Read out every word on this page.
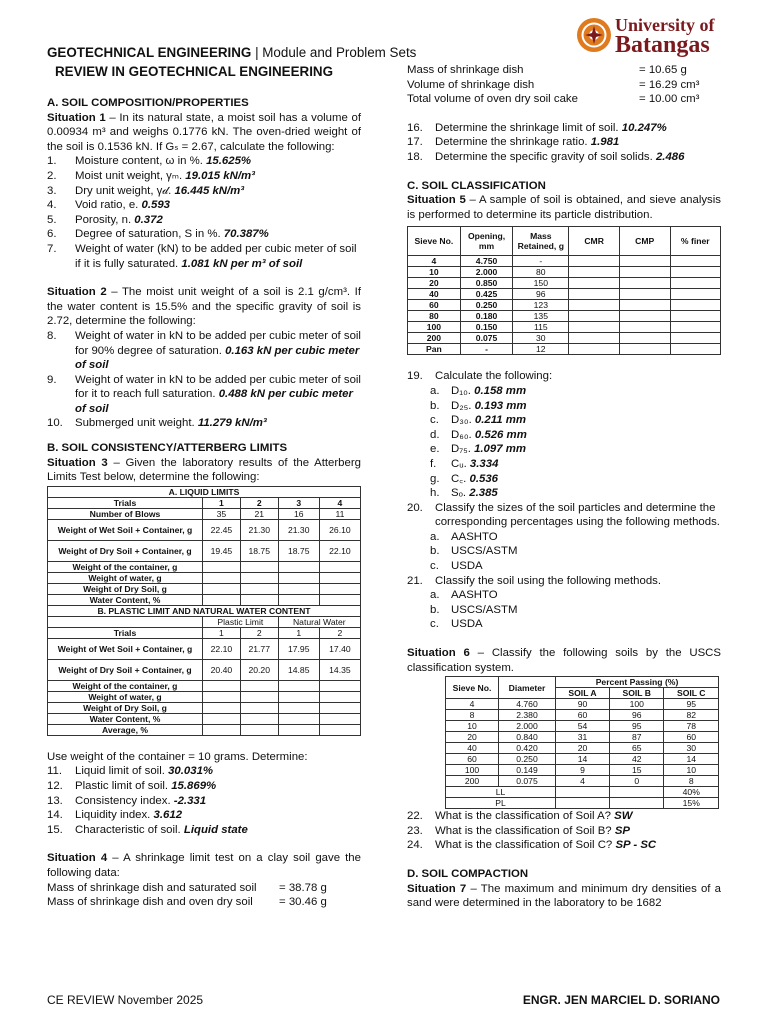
GEOTECHNICAL ENGINEERING | Module and Problem Sets
REVIEW IN GEOTECHNICAL ENGINEERING
University of
Batangas

A. SOIL COMPOSITION/PROPERTIES

Situation 1 – In its natural state, a moist soil has a volume of 0.00934 m³ and weighs 0.1776 kN. The oven-dried weight of the soil is 0.1536 kN. If Gₛ = 2.67, calculate the following:

1.	Moisture content, ω in %. 15.625%
2.	Moist unit weight, γₘ. 19.015 kN/m³
3.	Dry unit weight, γ𝒹. 16.445 kN/m³
4.	Void ratio, e. 0.593
5.	Porosity, n. 0.372
6.	Degree of saturation, S in %. 70.387%
7.	Weight of water (kN) to be added per cubic meter of soil if it is fully saturated. 1.081 kN per m³ of soil

Situation 2 – The moist unit weight of a soil is 2.1 g/cm³. If the water content is 15.5% and the specific gravity of soil is 2.72, determine the following:

8.	Weight of water in kN to be added per cubic meter of soil for 90% degree of saturation. 0.163 kN per cubic meter of soil
9.	Weight of water in kN to be added per cubic meter of soil for it to reach full saturation. 0.488 kN per cubic meter of soil
10.	Submerged unit weight. 11.279 kN/m³

B. SOIL CONSISTENCY/ATTERBERG LIMITS

Situation 3 – Given the laboratory results of the Atterberg Limits Test below, determine the following:

A. LIQUID LIMITS				
Trials	1	2	3	4
Number of Blows	35	21	16	11
Weight of Wet Soil + Container, g	22.45	21.30	21.30	26.10
Weight of Dry Soil + Container, g	19.45	18.75	18.75	22.10
Weight of the container, g				
Weight of water, g				
Weight of Dry Soil, g				
Water Content, %				
B. PLASTIC LIMIT AND NATURAL WATER CONTENT				
	Plastic Limit		Natural Water	
Trials	1	2	1	2
Weight of Wet Soil + Container, g	22.10	21.77	17.95	17.40
Weight of Dry Soil + Container, g	20.40	20.20	14.85	14.35
Weight of the container, g				
Weight of water, g				
Weight of Dry Soil, g				
Water Content, %				
Average, %				

Use weight of the container = 10 grams. Determine:

11.	Liquid limit of soil. 30.031%
12.	Plastic limit of soil. 15.869%
13.	Consistency index. -2.331
14.	Liquidity index. 3.612
15.	Characteristic of soil. Liquid state

Situation 4 – A shrinkage limit test on a clay soil gave the following data:

Mass of shrinkage dish and saturated soil	= 38.78 g
Mass of shrinkage dish and oven dry soil	= 30.46 g
Mass of shrinkage dish	= 10.65 g
Volume of shrinkage dish	= 16.29 cm³
Total volume of oven dry soil cake	= 10.00 cm³
16.	Determine the shrinkage limit of soil. 10.247%
17.	Determine the shrinkage ratio. 1.981
18.	Determine the specific gravity of soil solids. 2.486

C. SOIL CLASSIFICATION

Situation 5 – A sample of soil is obtained, and sieve analysis is performed to determine its particle distribution.

Sieve No.	Opening, mm	Mass Retained, g	CMR	CMP	% finer
4	4.750	-			
10	2.000	80			
20	0.850	150			
40	0.425	96			
60	0.250	123			
80	0.180	135			
100	0.150	115			
200	0.075	30			
Pan	-	12			
19.	Calculate the following:
a.	D₁₀. 0.158 mm
b.	D₂₅. 0.193 mm
c.	D₃₀. 0.211 mm
d.	D₆₀. 0.526 mm
e.	D₇₅. 1.097 mm
f.	Cᵤ. 3.334
g.	C꜀. 0.536
h.	Sₒ. 2.385
20.	Classify the sizes of the soil particles and determine the corresponding percentages using the following methods.
a.	AASHTO
b.	USCS/ASTM
c.	USDA
21.	Classify the soil using the following methods.
a.	AASHTO
b.	USCS/ASTM
c.	USDA

Situation 6 – Classify the following soils by the USCS classification system.

Sieve No.	Diameter	Percent Passing (%)		
		SOIL A	SOIL B	SOIL C
4	4.760	90	100	95
8	2.380	60	96	82
10	2.000	54	95	78
20	0.840	31	87	60
40	0.420	20	65	30
60	0.250	14	42	14
100	0.149	9	15	10
200	0.075	4	0	8
LL				40%
PL				15%
22.	What is the classification of Soil A? SW
23.	What is the classification of Soil B? SP
24.	What is the classification of Soil C? SP - SC

D. SOIL COMPACTION

Situation 7 – The maximum and minimum dry densities of a sand were determined in the laboratory to be 1682

CE REVIEW November 2025	ENGR. JEN MARCIEL D. SORIANO
